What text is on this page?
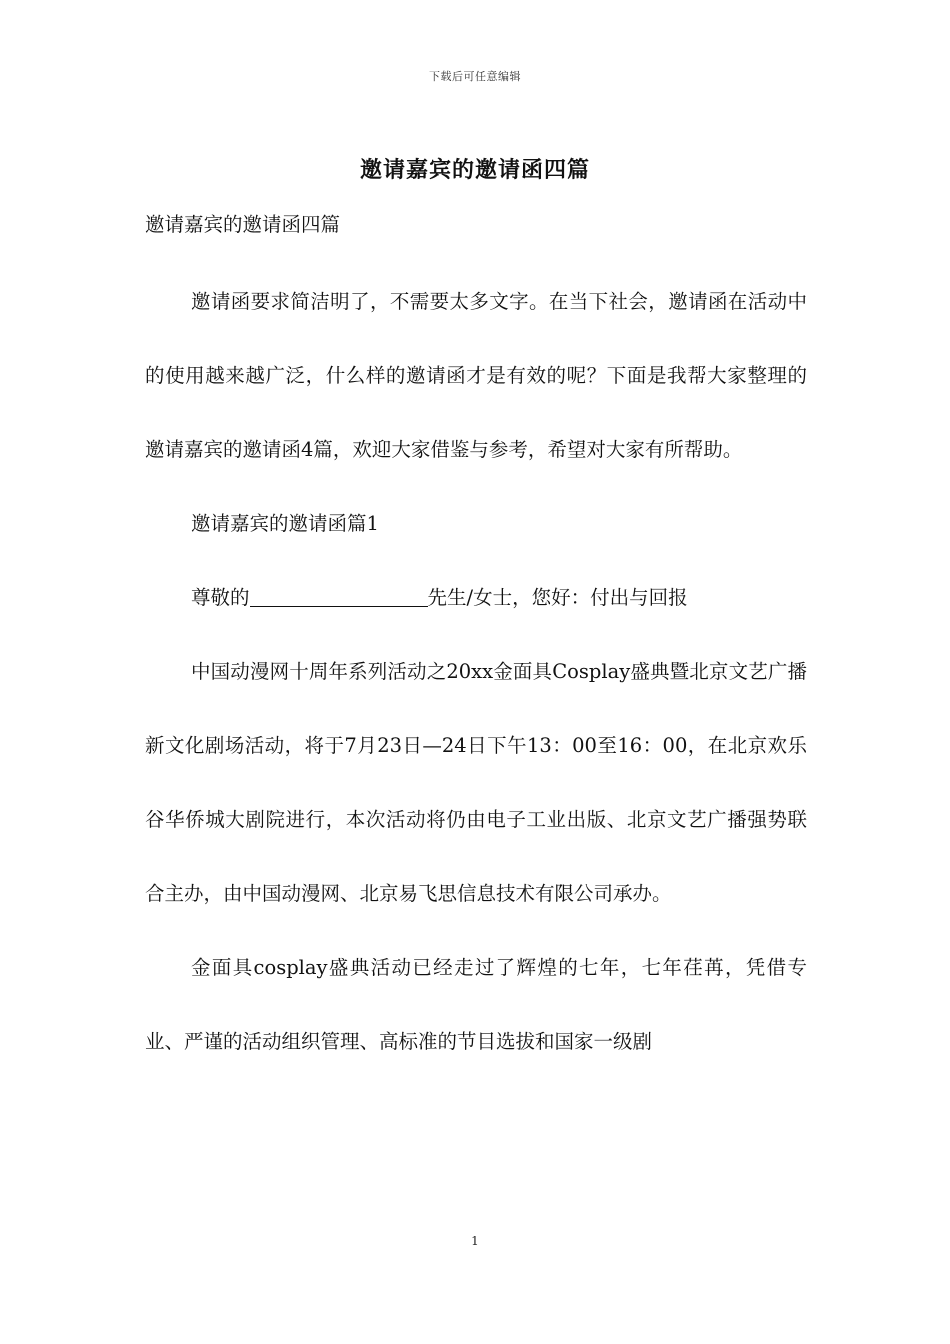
下载后可任意编辑
邀请嘉宾的邀请函四篇

邀请嘉宾的邀请函四篇

邀请函要求简洁明了，不需要太多文字。在当下社会，邀请函在活动中的使用越来越广泛，什么样的邀请函才是有效的呢？下面是我帮大家整理的邀请嘉宾的邀请函4篇，欢迎大家借鉴与参考，希望对大家有所帮助。

邀请嘉宾的邀请函篇1

尊敬的	先生/女士，您好：付出与回报

中国动漫网十周年系列活动之20xx金面具Cosplay盛典暨北京文艺广播新文化剧场活动，将于7月23日—24日下午13：00至16：00，在北京欢乐谷华侨城大剧院进行，本次活动将仍由电子工业出版、北京文艺广播强势联合主办，由中国动漫网、北京易飞思信息技术有限公司承办。

金面具cosplay盛典活动已经走过了辉煌的七年，七年荏苒，凭借专业、严谨的活动组织管理、高标准的节目选拔和国家一级剧

1
